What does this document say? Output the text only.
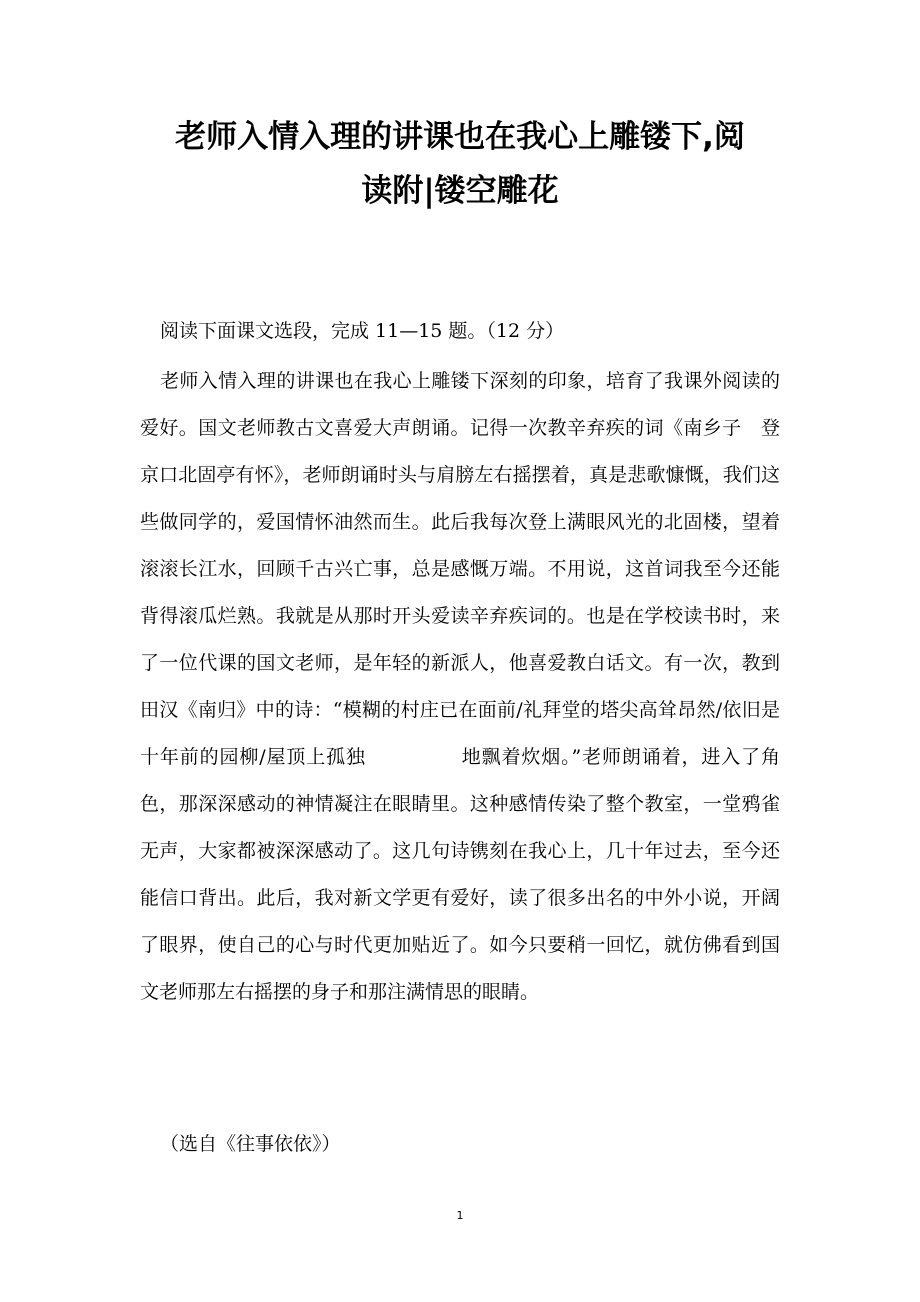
老师入情入理的讲课也在我心上雕镂下,阅
读附|镂空雕花
阅读下面课文选段，完成 11—15 题。（12 分）

老师入情入理的讲课也在我心上雕镂下深刻的印象，培育了我课外阅读的爱好。国文老师教古文喜爱大声朗诵。记得一次教辛弃疾的词《南乡子　登京口北固亭有怀》，老师朗诵时头与肩膀左右摇摆着，真是悲歌慷慨，我们这些做同学的，爱国情怀油然而生。此后我每次登上满眼风光的北固楼，望着滚滚长江水，回顾千古兴亡事，总是感慨万端。不用说，这首词我至今还能背得滚瓜烂熟。我就是从那时开头爱读辛弃疾词的。也是在学校读书时，来了一位代课的国文老师，是年轻的新派人，他喜爱教白话文。有一次，教到田汉《南归》中的诗：“模糊的村庄已在面前/礼拜堂的塔尖高耸昂然/依旧是十年前的园柳/屋顶上孤独	地飘着炊烟。”老师朗诵着，进入了角色，那深深感动的神情凝注在眼睛里。这种感情传染了整个教室，一堂鸦雀无声，大家都被深深感动了。这几句诗镌刻在我心上，几十年过去，至今还能信口背出。此后，我对新文学更有爱好，读了很多出名的中外小说，开阔了眼界，使自己的心与时代更加贴近了。如今只要稍一回忆，就仿佛看到国文老师那左右摇摆的身子和那注满情思的眼睛。

（选自《往事依依》）
1
